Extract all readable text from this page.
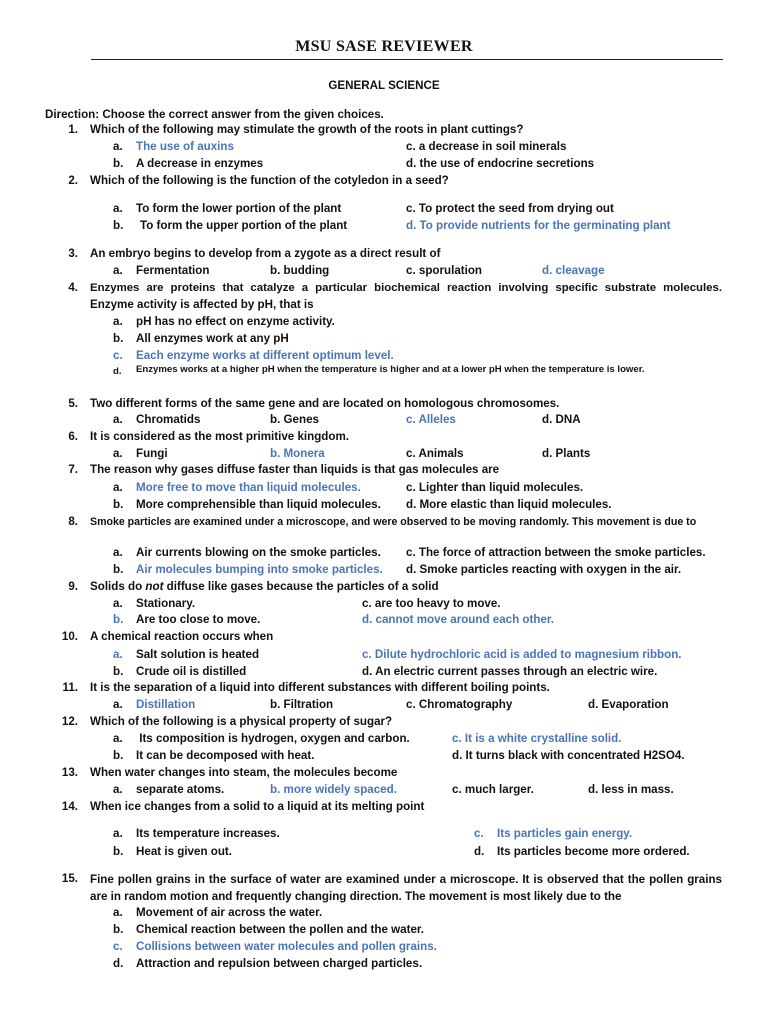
MSU SASE REVIEWER
GENERAL SCIENCE
Direction: Choose the correct answer from the given choices.
1. Which of the following may stimulate the growth of the roots in plant cuttings?
a.	The use of auxins	c. a decrease in soil minerals
b.	A decrease in enzymes	d. the use of endocrine secretions
2. Which of the following is the function of the cotyledon in a seed?
a.	To form the lower portion of the plant	c. To protect the seed from drying out
b.	To form the upper portion of the plant	d. To provide nutrients for the germinating plant
3. An embryo begins to develop from a zygote as a direct result of
a.	Fermentation	b. budding	c. sporulation	d. cleavage
4. Enzymes are proteins that catalyze a particular biochemical reaction involving specific substrate molecules.
Enzyme activity is affected by pH, that is
a.	pH has no effect on enzyme activity.
b.	All enzymes work at any pH
c.	Each enzyme works at different optimum level.
d.	Enzymes works at a higher pH when the temperature is higher and at a lower pH when the temperature is lower.
5. Two different forms of the same gene and are located on homologous chromosomes.
a.	Chromatids	b. Genes	c. Alleles	d. DNA
6. It is considered as the most primitive kingdom.
a.	Fungi	b. Monera	c. Animals	d. Plants
7. The reason why gases diffuse faster than liquids is that gas molecules are
a.	More free to move than liquid molecules.	c. Lighter than liquid molecules.
b.	More comprehensible than liquid molecules. d. More elastic than liquid molecules.
8. Smoke particles are examined under a microscope, and were observed to be moving randomly. This movement is due to
a.	Air currents blowing on the smoke particles. c. The force of attraction between the smoke particles.
b.	Air molecules bumping into smoke particles. d. Smoke particles reacting with oxygen in the air.
9. Solids do not diffuse like gases because the particles of a solid
a.	Stationary.	c. are too heavy to move.
b.	Are too close to move.	d. cannot move around each other.
10. A chemical reaction occurs when
a.	Salt solution is heated	c. Dilute hydrochloric acid is added to magnesium ribbon.
b.	Crude oil is distilled	d. An electric current passes through an electric wire.
11. It is the separation of a liquid into different substances with different boiling points.
a.	Distillation	b. Filtration	c. Chromatography	d. Evaporation
12. Which of the following is a physical property of sugar?
a.	Its composition is hydrogen, oxygen and carbon.	c. It is a white crystalline solid.
b.	It can be decomposed with heat.	d. It turns black with concentrated H2SO4.
13. When water changes into steam, the molecules become
a.	separate atoms.	b. more widely spaced.	c. much larger.	d. less in mass.
14. When ice changes from a solid to a liquid at its melting point
a.	Its temperature increases.	c.	Its particles gain energy.
b.	Heat is given out.	d.	Its particles become more ordered.
15. Fine pollen grains in the surface of water are examined under a microscope. It is observed that the pollen grains are in random motion and frequently changing direction. The movement is most likely due to the
a.	Movement of air across the water.
b.	Chemical reaction between the pollen and the water.
c.	Collisions between water molecules and pollen grains.
d.	Attraction and repulsion between charged particles.
